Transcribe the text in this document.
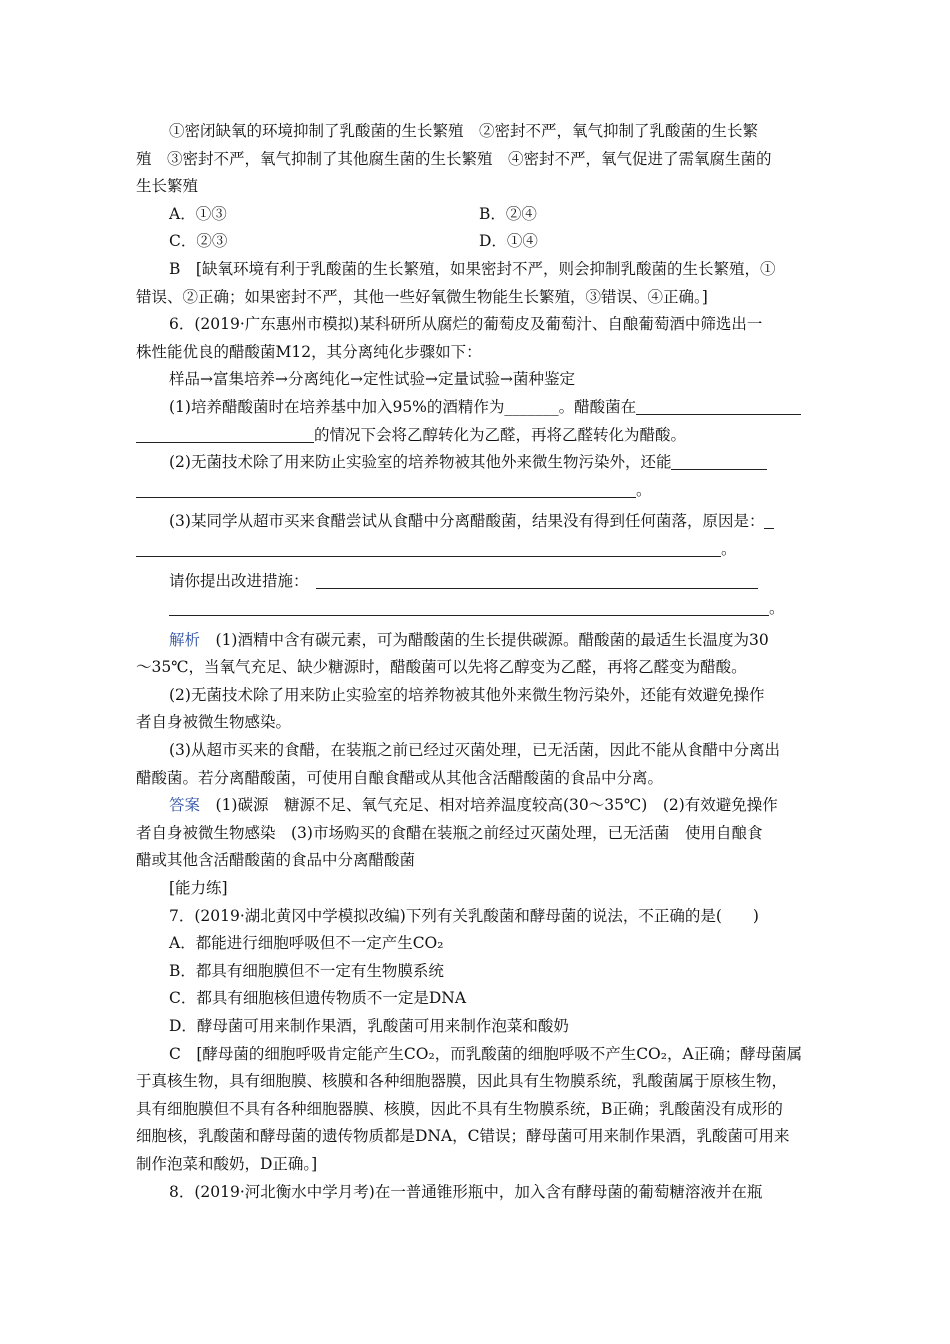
①密闭缺氧的环境抑制了乳酸菌的生长繁殖　②密封不严，氧气抑制了乳酸菌的生长繁
殖　③密封不严，氧气抑制了其他腐生菌的生长繁殖　④密封不严，氧气促进了需氧腐生菌的
生长繁殖
A．①③	B．②④
C．②③	D．①④
B　[缺氧环境有利于乳酸菌的生长繁殖，如果密封不严，则会抑制乳酸菌的生长繁殖，①
错误、②正确；如果密封不严，其他一些好氧微生物能生长繁殖，③错误、④正确。]
6．(2019·广东惠州市模拟)某科研所从腐烂的葡萄皮及葡萄汁、自酿葡萄酒中筛选出一
株性能优良的醋酸菌M12，其分离纯化步骤如下：
样品→富集培养→分离纯化→定性试验→定量试验→菌种鉴定
(1)培养醋酸菌时在培养基中加入95%的酒精作为_______。醋酸菌在
的情况下会将乙醇转化为乙醛，再将乙醛转化为醋酸。
(2)无菌技术除了用来防止实验室的培养物被其他外来微生物污染外，还能
。
(3)某同学从超市买来食醋尝试从食醋中分离醋酸菌，结果没有得到任何菌落，原因是：
。
请你提出改进措施：　
。
解析　(1)酒精中含有碳元素，可为醋酸菌的生长提供碳源。醋酸菌的最适生长温度为30
～35℃，当氧气充足、缺少糖源时，醋酸菌可以先将乙醇变为乙醛，再将乙醛变为醋酸。
(2)无菌技术除了用来防止实验室的培养物被其他外来微生物污染外，还能有效避免操作
者自身被微生物感染。
(3)从超市买来的食醋，在装瓶之前已经过灭菌处理，已无活菌，因此不能从食醋中分离出
醋酸菌。若分离醋酸菌，可使用自酿食醋或从其他含活醋酸菌的食品中分离。
答案　(1)碳源　糖源不足、氧气充足、相对培养温度较高(30～35℃)　(2)有效避免操作
者自身被微生物感染　(3)市场购买的食醋在装瓶之前经过灭菌处理，已无活菌　使用自酿食
醋或其他含活醋酸菌的食品中分离醋酸菌
[能力练]
7．(2019·湖北黄冈中学模拟改编)下列有关乳酸菌和酵母菌的说法，不正确的是(　　)
A．都能进行细胞呼吸但不一定产生CO₂
B．都具有细胞膜但不一定有生物膜系统
C．都具有细胞核但遗传物质不一定是DNA
D．酵母菌可用来制作果酒，乳酸菌可用来制作泡菜和酸奶
C　[酵母菌的细胞呼吸肯定能产生CO₂，而乳酸菌的细胞呼吸不产生CO₂，A正确；酵母菌属
于真核生物，具有细胞膜、核膜和各种细胞器膜，因此具有生物膜系统，乳酸菌属于原核生物，
具有细胞膜但不具有各种细胞器膜、核膜，因此不具有生物膜系统，B正确；乳酸菌没有成形的
细胞核，乳酸菌和酵母菌的遗传物质都是DNA，C错误；酵母菌可用来制作果酒，乳酸菌可用来
制作泡菜和酸奶，D正确。]
8．(2019·河北衡水中学月考)在一普通锥形瓶中，加入含有酵母菌的葡萄糖溶液并在瓶
